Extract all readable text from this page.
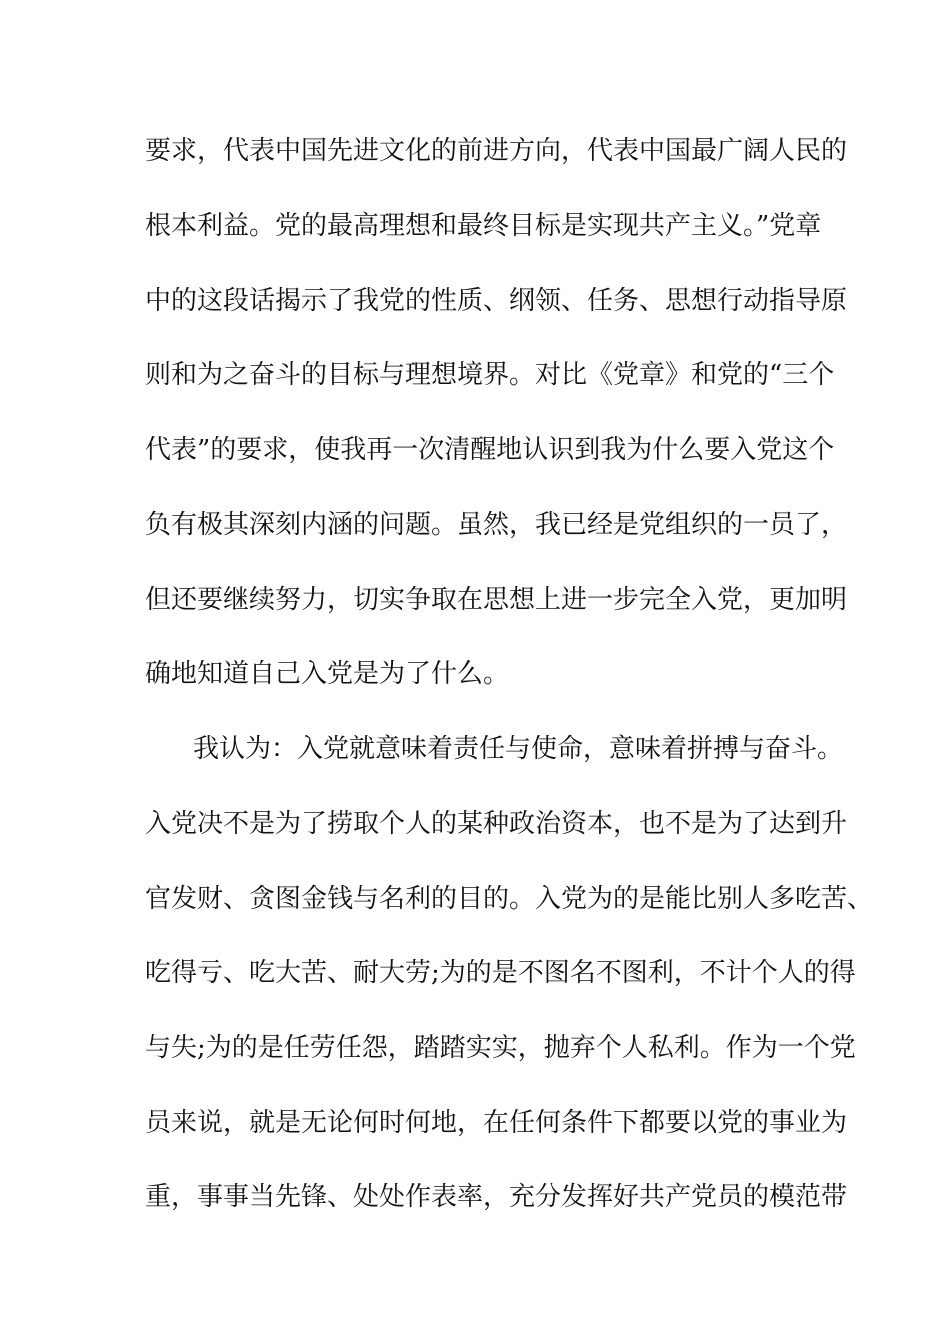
要求，代表中国先进文化的前进方向，代表中国最广阔人民的
根本利益。党的最高理想和最终目标是实现共产主义。”党章
中的这段话揭示了我党的性质、纲领、任务、思想行动指导原
则和为之奋斗的目标与理想境界。对比《党章》和党的“三个
代表”的要求，使我再一次清醒地认识到我为什么要入党这个
负有极其深刻内涵的问题。虽然，我已经是党组织的一员了，
但还要继续努力，切实争取在思想上进一步完全入党，更加明
确地知道自己入党是为了什么。
我认为：入党就意味着责任与使命，意味着拼搏与奋斗。
入党决不是为了捞取个人的某种政治资本，也不是为了达到升
官发财、贪图金钱与名利的目的。入党为的是能比别人多吃苦、
吃得亏、吃大苦、耐大劳;为的是不图名不图利，不计个人的得
与失;为的是任劳任怨，踏踏实实，抛弃个人私利。作为一个党
员来说，就是无论何时何地，在任何条件下都要以党的事业为
重，事事当先锋、处处作表率，充分发挥好共产党员的模范带
